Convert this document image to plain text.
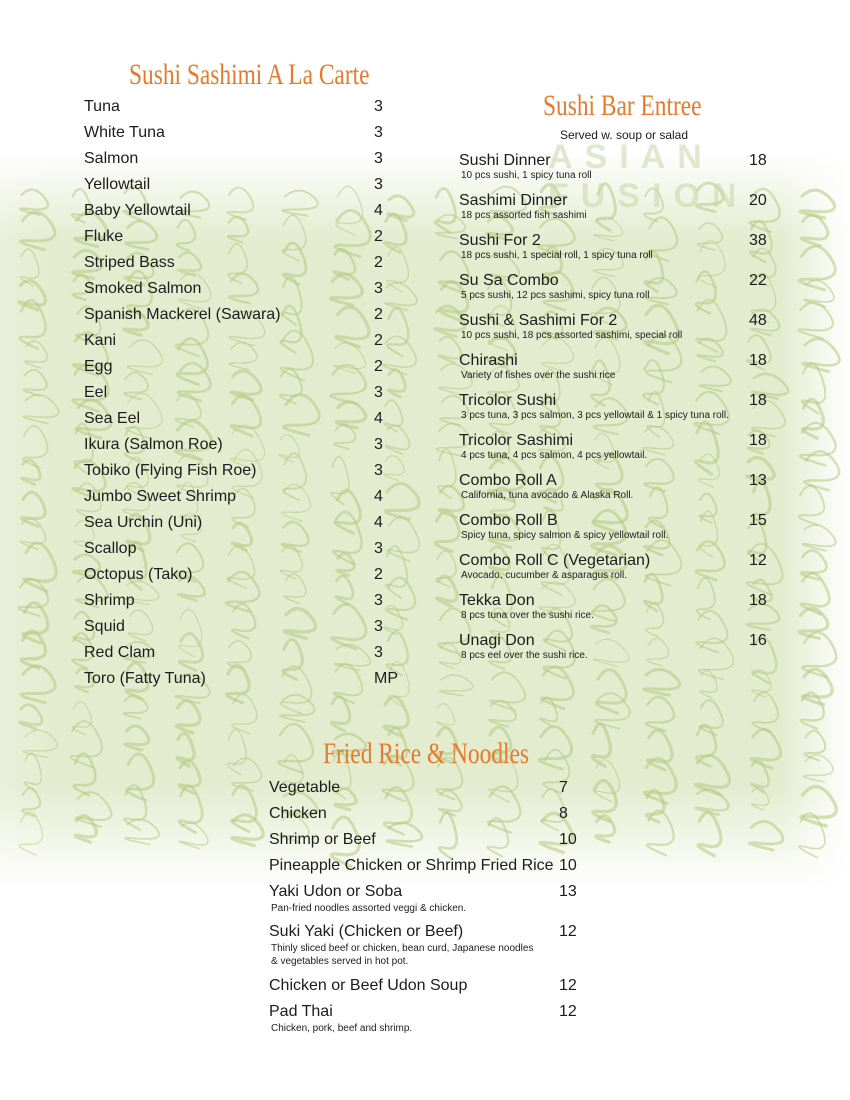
ASIAN FUSION
Sushi Sashimi A La Carte
Tuna	3
White Tuna	3
Salmon	3
Yellowtail	3
Baby Yellowtail	4
Fluke	2
Striped Bass	2
Smoked Salmon	3
Spanish Mackerel (Sawara)	2
Kani	2
Egg	2
Eel	3
Sea Eel	4
Ikura (Salmon Roe)	3
Tobiko (Flying Fish Roe)	3
Jumbo Sweet Shrimp	4
Sea Urchin (Uni)	4
Scallop	3
Octopus (Tako)	2
Shrimp	3
Squid	3
Red Clam	3
Toro (Fatty Tuna)	MP
Sushi Bar Entree
Served w. soup or salad
Sushi Dinner	18
10 pcs sushi, 1 spicy tuna roll
Sashimi Dinner	20
18 pcs assorted fish sashimi
Sushi For 2	38
18 pcs sushi, 1 special roll, 1 spicy tuna roll
Su Sa Combo	22
5 pcs sushi, 12 pcs sashimi, spicy tuna roll
Sushi & Sashimi For 2	48
10 pcs sushi, 18 pcs assorted sashimi, special roll
Chirashi	18
Variety of fishes over the sushi rice
Tricolor Sushi	18
3 pcs tuna, 3 pcs salmon, 3 pcs yellowtail & 1 spicy tuna roll.
Tricolor Sashimi	18
4 pcs tuna, 4 pcs salmon, 4 pcs yellowtail.
Combo Roll A	13
California, tuna avocado & Alaska Roll.
Combo Roll B	15
Spicy tuna, spicy salmon & spicy yellowtail roll.
Combo Roll C (Vegetarian)	12
Avocado, cucumber & asparagus roll.
Tekka Don	18
8 pcs tuna over the sushi rice.
Unagi Don	16
8 pcs eel over the sushi rice.
Fried Rice & Noodles
Vegetable	7
Chicken	8
Shrimp or Beef	10
Pineapple Chicken or Shrimp Fried Rice 10
Yaki Udon or Soba	13
Pan-fried noodles assorted veggi & chicken.
Suki Yaki (Chicken or Beef)	12
Thinly sliced beef or chicken, bean curd, Japanese noodles & vegetables served in hot pot.
Chicken or Beef Udon Soup	12
Pad Thai	12
Chicken, pork, beef and shrimp.
